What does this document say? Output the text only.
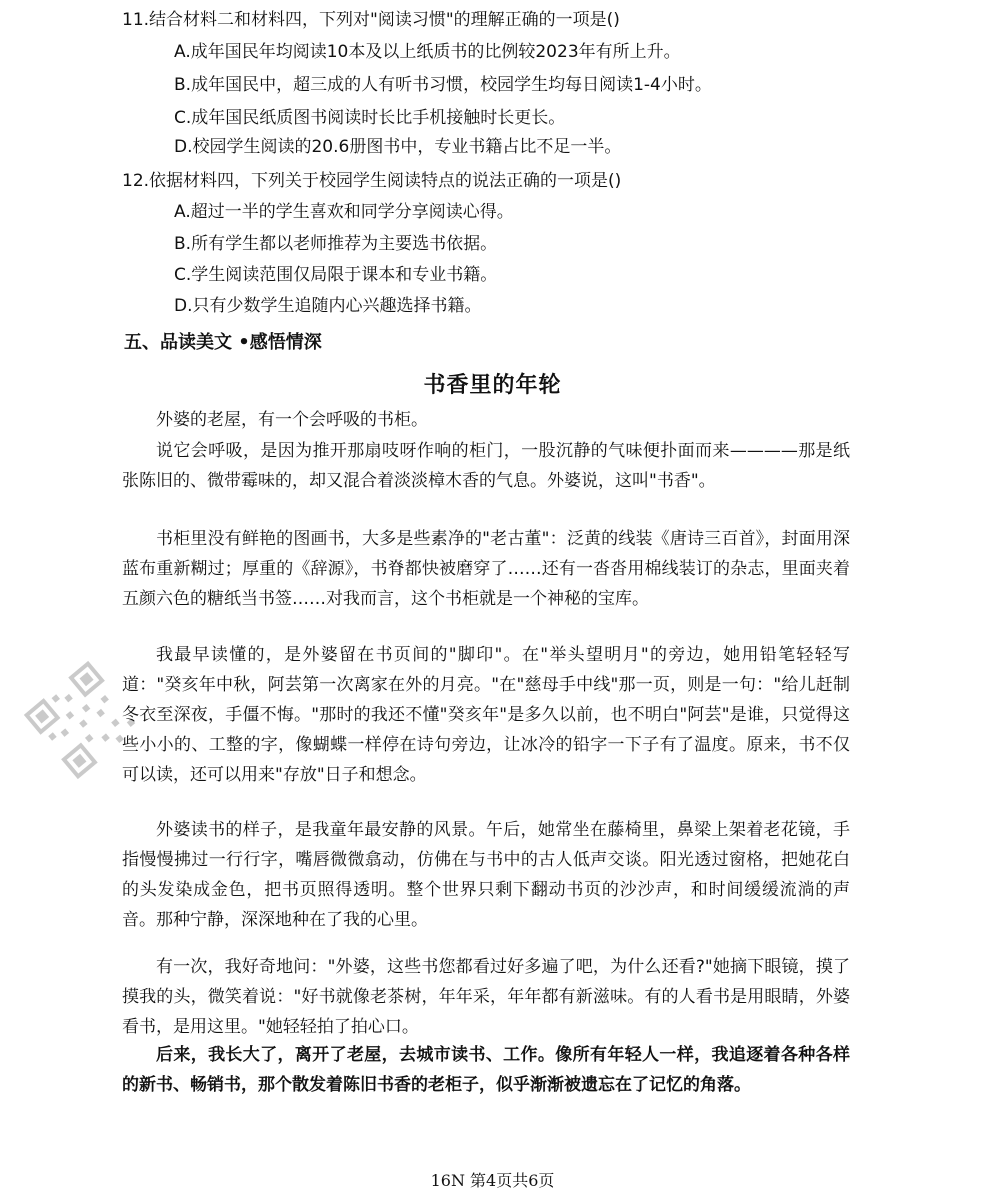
11.结合材料二和材料四，下列对"阅读习惯"的理解正确的一项是()
A.成年国民年均阅读10本及以上纸质书的比例较2023年有所上升。
B.成年国民中，超三成的人有听书习惯，校园学生均每日阅读1-4小时。
C.成年国民纸质图书阅读时长比手机接触时长更长。
D.校园学生阅读的20.6册图书中，专业书籍占比不足一半。
12.依据材料四，下列关于校园学生阅读特点的说法正确的一项是()
A.超过一半的学生喜欢和同学分享阅读心得。
B.所有学生都以老师推荐为主要选书依据。
C.学生阅读范围仅局限于课本和专业书籍。
D.只有少数学生追随内心兴趣选择书籍。
五、品读美文 •感悟情深
书香里的年轮

外婆的老屋，有一个会呼吸的书柜。

说它会呼吸，是因为推开那扇吱呀作响的柜门，一股沉静的气味便扑面而来————那是纸张陈旧的、微带霉味的，却又混合着淡淡樟木香的气息。外婆说，这叫"书香"。

书柜里没有鲜艳的图画书，大多是些素净的"老古董"：泛黄的线装《唐诗三百首》，封面用深蓝布重新糊过；厚重的《辞源》，书脊都快被磨穿了……还有一沓沓用棉线装订的杂志，里面夹着五颜六色的糖纸当书签……对我而言，这个书柜就是一个神秘的宝库。

我最早读懂的，是外婆留在书页间的"脚印"。在"举头望明月"的旁边，她用铅笔轻轻写道："癸亥年中秋，阿芸第一次离家在外的月亮。"在"慈母手中线"那一页，则是一句："给儿赶制冬衣至深夜，手僵不悔。"那时的我还不懂"癸亥年"是多久以前，也不明白"阿芸"是谁，只觉得这些小小的、工整的字，像蝴蝶一样停在诗句旁边，让冰冷的铅字一下子有了温度。原来，书不仅可以读，还可以用来"存放"日子和想念。

外婆读书的样子，是我童年最安静的风景。午后，她常坐在藤椅里，鼻梁上架着老花镜，手指慢慢拂过一行行字，嘴唇微微翕动，仿佛在与书中的古人低声交谈。阳光透过窗格，把她花白的头发染成金色，把书页照得透明。整个世界只剩下翻动书页的沙沙声，和时间缓缓流淌的声音。那种宁静，深深地种在了我的心里。

有一次，我好奇地问："外婆，这些书您都看过好多遍了吧，为什么还看?"她摘下眼镜，摸了摸我的头，微笑着说："好书就像老茶树，年年采，年年都有新滋味。有的人看书是用眼睛，外婆看书，是用这里。"她轻轻拍了拍心口。

后来，我长大了，离开了老屋，去城市读书、工作。像所有年轻人一样，我追逐着各种各样的新书、畅销书，那个散发着陈旧书香的老柜子，似乎渐渐被遗忘在了记忆的角落。

16N 第4页共6页
